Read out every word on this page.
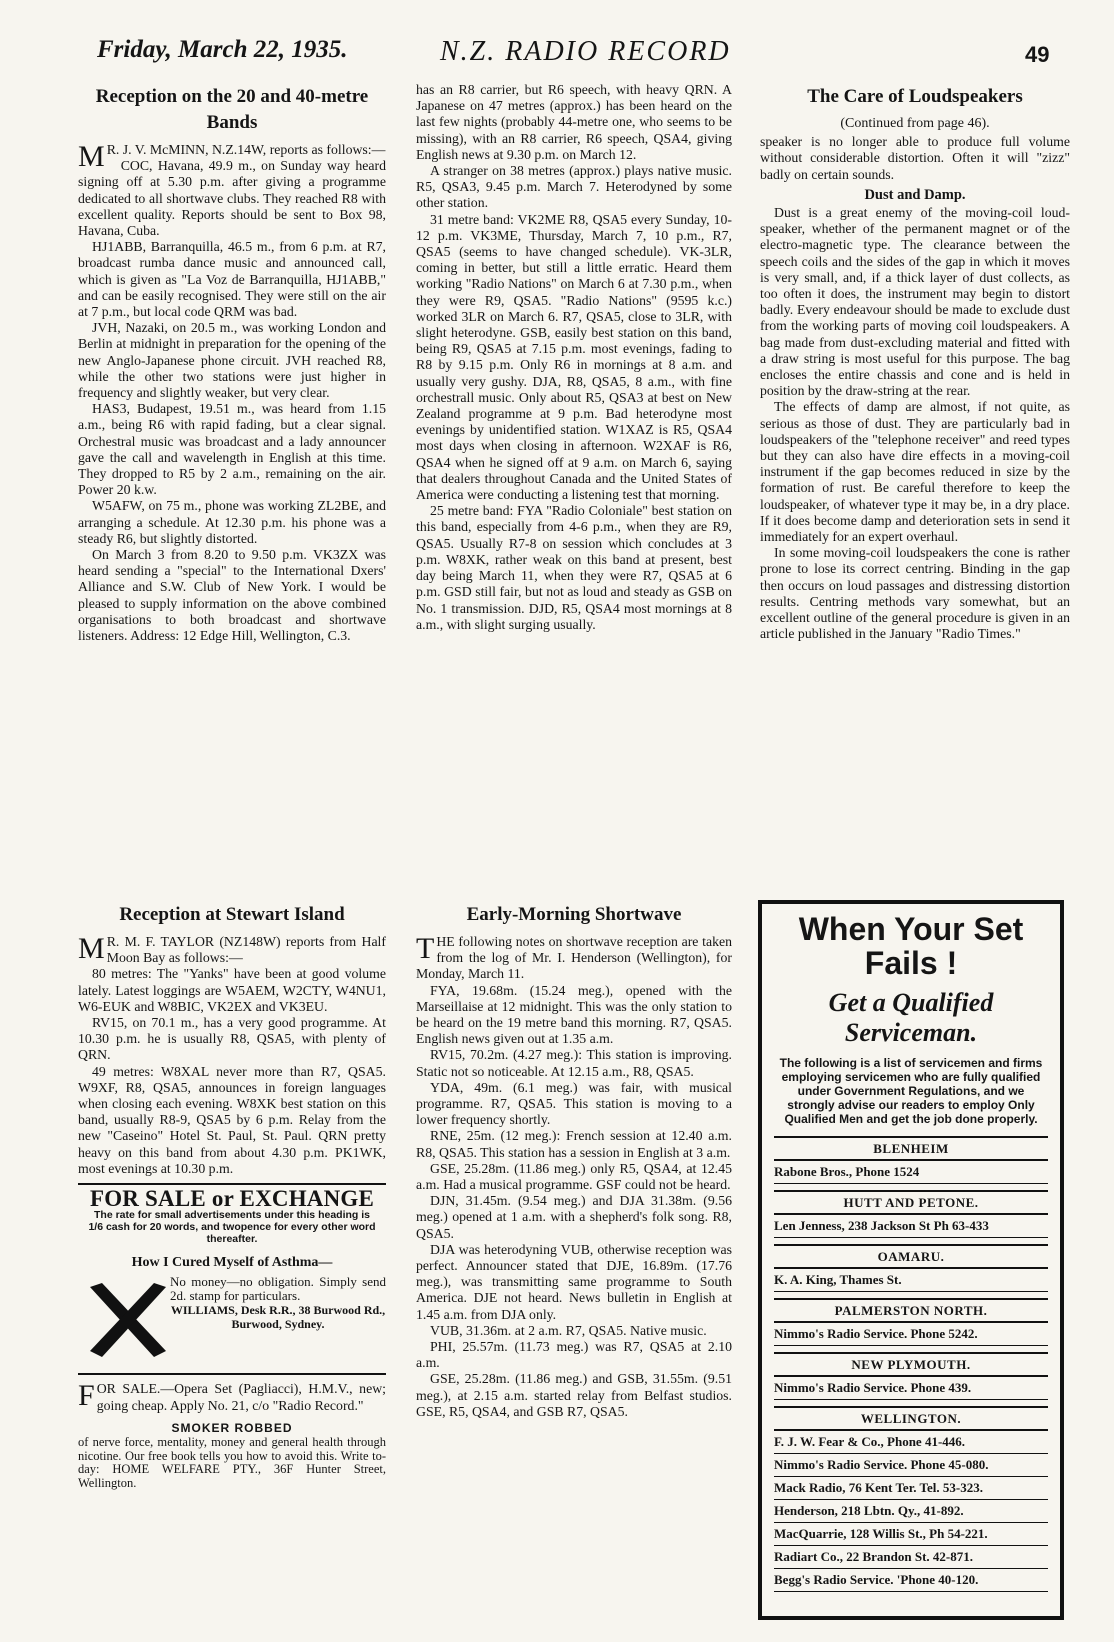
Friday, March 22, 1935.	N.Z. RADIO RECORD	49
Reception on the 20 and 40-metre Bands

M R. J. V. McMINN, N.Z.14W, reports as follows:—

COC, Havana, 49.9 m., on Sunday way heard signing off at 5.30 p.m. after giving a programme dedicated to all shortwave clubs. They reached R8 with excellent quality. Reports should be sent to Box 98, Havana, Cuba.

HJ1ABB, Barranquilla, 46.5 m., from 6 p.m. at R7, broadcast rumba dance music and announced call, which is given as "La Voz de Barranquilla, HJ1ABB," and can be easily recognised. They were still on the air at 7 p.m., but local code QRM was bad.

JVH, Nazaki, on 20.5 m., was working London and Berlin at midnight in preparation for the opening of the new Anglo-Japanese phone circuit. JVH reached R8, while the other two stations were just higher in frequency and slightly weaker, but very clear.

HAS3, Budapest, 19.51 m., was heard from 1.15 a.m., being R6 with rapid fading, but a clear signal. Orchestral music was broadcast and a lady announcer gave the call and wavelength in English at this time. They dropped to R5 by 2 a.m., remaining on the air. Power 20 k.w.

W5AFW, on 75 m., phone was working ZL2BE, and arranging a schedule. At 12.30 p.m. his phone was a steady R6, but slightly distorted.

On March 3 from 8.20 to 9.50 p.m. VK3ZX was heard sending a "special" to the International Dxers' Alliance and S.W. Club of New York. I would be pleased to supply information on the above combined organisations to both broadcast and shortwave listeners. Address: 12 Edge Hill, Wellington, C.3.

has an R8 carrier, but R6 speech, with heavy QRN. A Japanese on 47 metres (approx.) has been heard on the last few nights (probably 44-metre one, who seems to be missing), with an R8 carrier, R6 speech, QSA4, giving English news at 9.30 p.m. on March 12.

A stranger on 38 metres (approx.) plays native music. R5, QSA3, 9.45 p.m. March 7. Heterodyned by some other station.

31 metre band: VK2ME R8, QSA5 every Sunday, 10-12 p.m. VK3ME, Thursday, March 7, 10 p.m., R7, QSA5 (seems to have changed schedule). VK-3LR, coming in better, but still a little erratic. Heard them working "Radio Nations" on March 6 at 7.30 p.m., when they were R9, QSA5. "Radio Nations" (9595 k.c.) worked 3LR on March 6. R7, QSA5, close to 3LR, with slight heterodyne. GSB, easily best station on this band, being R9, QSA5 at 7.15 p.m. most evenings, fading to R8 by 9.15 p.m. Only R6 in mornings at 8 a.m. and usually very gushy. DJA, R8, QSA5, 8 a.m., with fine orchestrall music. Only about R5, QSA3 at best on New Zealand programme at 9 p.m. Bad heterodyne most evenings by unidentified station. W1XAZ is R5, QSA4 most days when closing in afternoon. W2XAF is R6, QSA4 when he signed off at 9 a.m. on March 6, saying that dealers throughout Canada and the United States of America were conducting a listening test that morning.

25 metre band: FYA "Radio Coloniale" best station on this band, especially from 4-6 p.m., when they are R9, QSA5. Usually R7-8 on session which concludes at 3 p.m. W8XK, rather weak on this band at present, best day being March 11, when they were R7, QSA5 at 6 p.m. GSD still fair, but not as loud and steady as GSB on No. 1 transmission. DJD, R5, QSA4 most mornings at 8 a.m., with slight surging usually.

The Care of Loudspeakers
(Continued from page 46).

speaker is no longer able to produce full volume without considerable distortion. Often it will "zizz" badly on certain sounds.

Dust and Damp.

Dust is a great enemy of the moving-coil loud-speaker, whether of the permanent magnet or of the electro-magnetic type. The clearance between the speech coils and the sides of the gap in which it moves is very small, and, if a thick layer of dust collects, as too often it does, the instrument may begin to distort badly. Every endeavour should be made to exclude dust from the working parts of moving coil loudspeakers. A bag made from dust-excluding material and fitted with a draw string is most useful for this purpose. The bag encloses the entire chassis and cone and is held in position by the draw-string at the rear.

The effects of damp are almost, if not quite, as serious as those of dust. They are particularly bad in loudspeakers of the "telephone receiver" and reed types but they can also have dire effects in a moving-coil instrument if the gap becomes reduced in size by the formation of rust. Be careful therefore to keep the loudspeaker, of whatever type it may be, in a dry place. If it does become damp and deterioration sets in send it immediately for an expert overhaul.

In some moving-coil loudspeakers the cone is rather prone to lose its correct centring. Binding in the gap then occurs on loud passages and distressing distortion results. Centring methods vary somewhat, but an excellent outline of the general procedure is given in an article published in the January "Radio Times."

Reception at Stewart Island

M R. M. F. TAYLOR (NZ148W) reports from Half Moon Bay as follows:—

80 metres: The "Yanks" have been at good volume lately. Latest loggings are W5AEM, W2CTY, W4NU1, W6-EUK and W8BIC, VK2EX and VK3EU.

RV15, on 70.1 m., has a very good programme. At 10.30 p.m. he is usually R8, QSA5, with plenty of QRN.

49 metres: W8XAL never more than R7, QSA5. W9XF, R8, QSA5, announces in foreign languages when closing each evening. W8XK best station on this band, usually R8-9, QSA5 by 6 p.m. Relay from the new "Caseino" Hotel St. Paul, St. Paul. QRN pretty heavy on this band from about 4.30 p.m. PK1WK, most evenings at 10.30 p.m.

FOR SALE or EXCHANGE
The rate for small advertisements under this heading is 1/6 cash for 20 words, and twopence for every other word thereafter.
How I Cured Myself of Asthma—
No money—no obligation. Simply send 2d. stamp for particulars.
WILLIAMS, Desk R.R., 38 Burwood Rd., Burwood, Sydney.

FOR SALE.—Opera Set (Pagliacci), H.M.V., new; going cheap. Apply No. 21, c/o "Radio Record."

SMOKER ROBBED
of nerve force, mentality, money and general health through nicotine. Our free book tells you how to avoid this. Write to-day: HOME WELFARE PTY., 36F Hunter Street, Wellington.
Early-Morning Shortwave

THE following notes on shortwave reception are taken from the log of Mr. I. Henderson (Wellington), for Monday, March 11.

FYA, 19.68m. (15.24 meg.), opened with the Marseillaise at 12 midnight. This was the only station to be heard on the 19 metre band this morning. R7, QSA5. English news given out at 1.35 a.m.

RV15, 70.2m. (4.27 meg.): This station is improving. Static not so noticeable. At 12.15 a.m., R8, QSA5.

YDA, 49m. (6.1 meg.) was fair, with musical programme. R7, QSA5. This station is moving to a lower frequency shortly.

RNE, 25m. (12 meg.): French session at 12.40 a.m. R8, QSA5. This station has a session in English at 3 a.m.

GSE, 25.28m. (11.86 meg.) only R5, QSA4, at 12.45 a.m. Had a musical programme. GSF could not be heard.

DJN, 31.45m. (9.54 meg.) and DJA 31.38m. (9.56 meg.) opened at 1 a.m. with a shepherd's folk song. R8, QSA5.

DJA was heterodyning VUB, otherwise reception was perfect. Announcer stated that DJE, 16.89m. (17.76 meg.), was transmitting same programme to South America. DJE not heard. News bulletin in English at 1.45 a.m. from DJA only.

VUB, 31.36m. at 2 a.m. R7, QSA5. Native music.

PHI, 25.57m. (11.73 meg.) was R7, QSA5 at 2.10 a.m.

GSE, 25.28m. (11.86 meg.) and GSB, 31.55m. (9.51 meg.), at 2.15 a.m. started relay from Belfast studios. GSE, R5, QSA4, and GSB R7, QSA5.

When Your Set
Fails !
Get a Qualified
Serviceman.
The following is a list of servicemen and firms employing servicemen who are fully qualified under Government Regulations, and we strongly advise our readers to employ Only Qualified Men and get the job done properly.
BLENHEIM
Rabone Bros., Phone 1524
HUTT AND PETONE.
Len Jenness, 238 Jackson St Ph 63-433
OAMARU.
K. A. King, Thames St.
PALMERSTON NORTH.
Nimmo's Radio Service. Phone 5242.
NEW PLYMOUTH.
Nimmo's Radio Service. Phone 439.
WELLINGTON.
F. J. W. Fear & Co., Phone 41-446.
Nimmo's Radio Service. Phone 45-080.
Mack Radio, 76 Kent Ter. Tel. 53-323.
Henderson, 218 Lbtn. Qy., 41-892.
MacQuarrie, 128 Willis St., Ph 54-221.
Radiart Co., 22 Brandon St. 42-871.
Begg's Radio Service. 'Phone 40-120.
